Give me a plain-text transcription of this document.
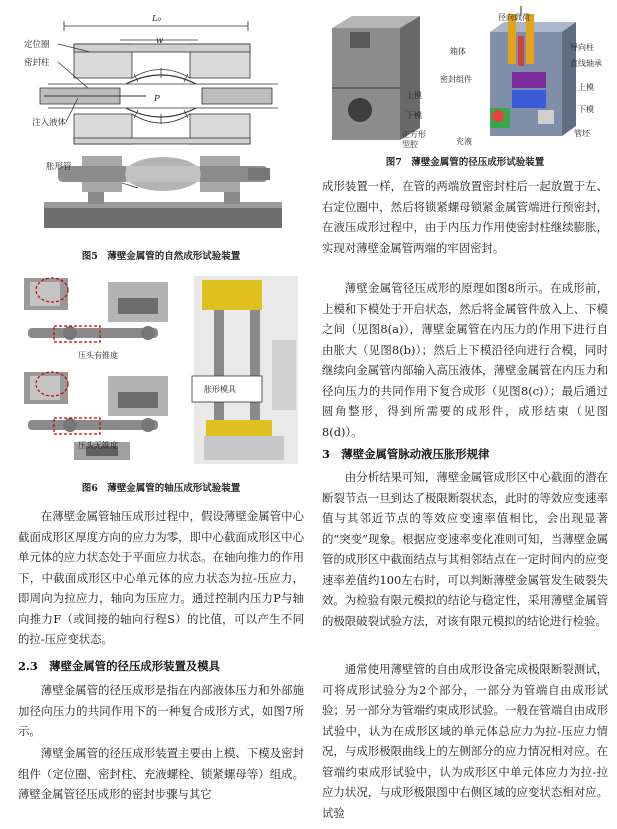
L₀
w
P
定位圈
密封柱
注入液体
胀形管
图5　薄壁金属管的自然成形试验装置
压头有锥度
胀形模具
压头无锥度
图6　薄壁金属管的轴压成形试验装置
在薄壁金属管轴压成形过程中，假设薄壁金属管中心截面成形区厚度方向的应力为零，即中心截面成形区中心单元体的应力状态处于平面应力状态。在轴向推力的作用下，中截面成形区中心单元体的应力状态为拉-压应力，即周向为拉应力，轴向为压应力。通过控制内压力P与轴向推力F（或间接的轴向行程S）的比值，可以产生不同的拉-压应变状态。
2.3　薄壁金属管的径压成形装置及模具
薄壁金属管的径压成形是指在内部液体压力和外部施加径向压力的共同作用下的一种复合成形方式，如图7所示。
薄壁金属管的径压成形装置主要由上模、下模及密封组件（定位圈、密封柱、充液螺栓、锁紧螺母等）组成。薄壁金属管径压成形的密封步骤与其它
径向载荷
箱体	导向柱
直线轴承
密封组件
上模
下模
充液
管坯
上模
下模
正方形型腔
图7　薄壁金属管的径压成形试验装置
成形装置一样，在管的两端放置密封柱后一起放置于左、右定位圈中，然后将锁紧螺母锁紧金属管端进行预密封，在液压成形过程中，由于内压力作用使密封柱继续膨胀，实现对薄壁金属管两端的牢固密封。
薄壁金属管径压成形的原理如图8所示。在成形前，上模和下模处于开启状态，然后将金属管件放入上、下模之间（见图8(a)），薄壁金属管在内压力的作用下进行自由胀大（见图8(b)）；然后上下模沿径向进行合模，同时继续向金属管内部输入高压液体，薄壁金属管在内压力和径向压力的共同作用下复合成形（见图8(c)）；最后通过圆角整形，得到所需要的成形件，成形结束（见图8(d)）。
3　薄壁金属管脉动液压胀形规律
由分析结果可知，薄壁金属管成形区中心截面的潜在断裂节点一旦到达了极限断裂状态，此时的等效应变速率值与其邻近节点的等效应变速率值相比，会出现显著的“突变”现象。根据应变速率变化准则可知，当薄壁金属管的成形区中截面结点与其相邻结点在一定时间内的应变速率差值约100左右时，可以判断薄壁金属管发生破裂失效。为检验有限元模拟的结论与稳定性，采用薄壁金属管的极限破裂试验方法，对该有限元模拟的结论进行检验。
通常使用薄壁管的自由成形设备完成极限断裂测试，可将成形试验分为2个部分，一部分为管端自由成形试验；另一部分为管端约束成形试验。一般在管端自由成形试验中，认为在成形区域的单元体总应力为拉-压应力情况，与成形极限曲线上的左侧部分的应力情况相对应。在管端约束成形试验中，认为成形区中单元体应力为拉-拉应力状况，与成形极限图中右侧区域的应变状态相对应。试验
